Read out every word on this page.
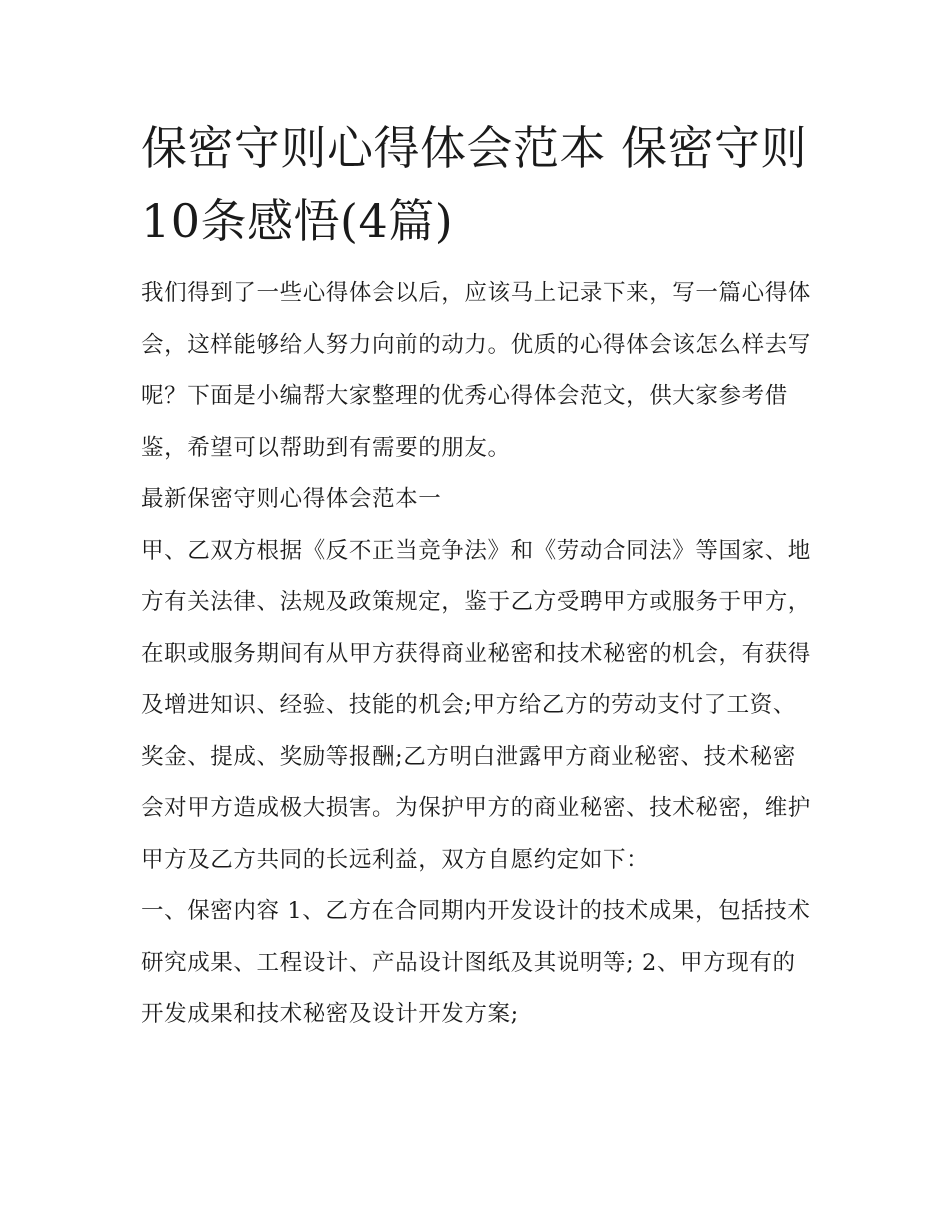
保密守则心得体会范本 保密守则10条感悟(4篇)

我们得到了一些心得体会以后，应该马上记录下来，写一篇心得体会，这样能够给人努力向前的动力。优质的心得体会该怎么样去写呢？下面是小编帮大家整理的优秀心得体会范文，供大家参考借鉴，希望可以帮助到有需要的朋友。

最新保密守则心得体会范本一

甲、乙双方根据《反不正当竞争法》和《劳动合同法》等国家、地方有关法律、法规及政策规定，鉴于乙方受聘甲方或服务于甲方，在职或服务期间有从甲方获得商业秘密和技术秘密的机会，有获得及增进知识、经验、技能的机会;甲方给乙方的劳动支付了工资、奖金、提成、奖励等报酬;乙方明白泄露甲方商业秘密、技术秘密会对甲方造成极大损害。为保护甲方的商业秘密、技术秘密，维护甲方及乙方共同的长远利益，双方自愿约定如下：

一、保密内容 1、乙方在合同期内开发设计的技术成果，包括技术研究成果、工程设计、产品设计图纸及其说明等; 2、甲方现有的开发成果和技术秘密及设计开发方案;
